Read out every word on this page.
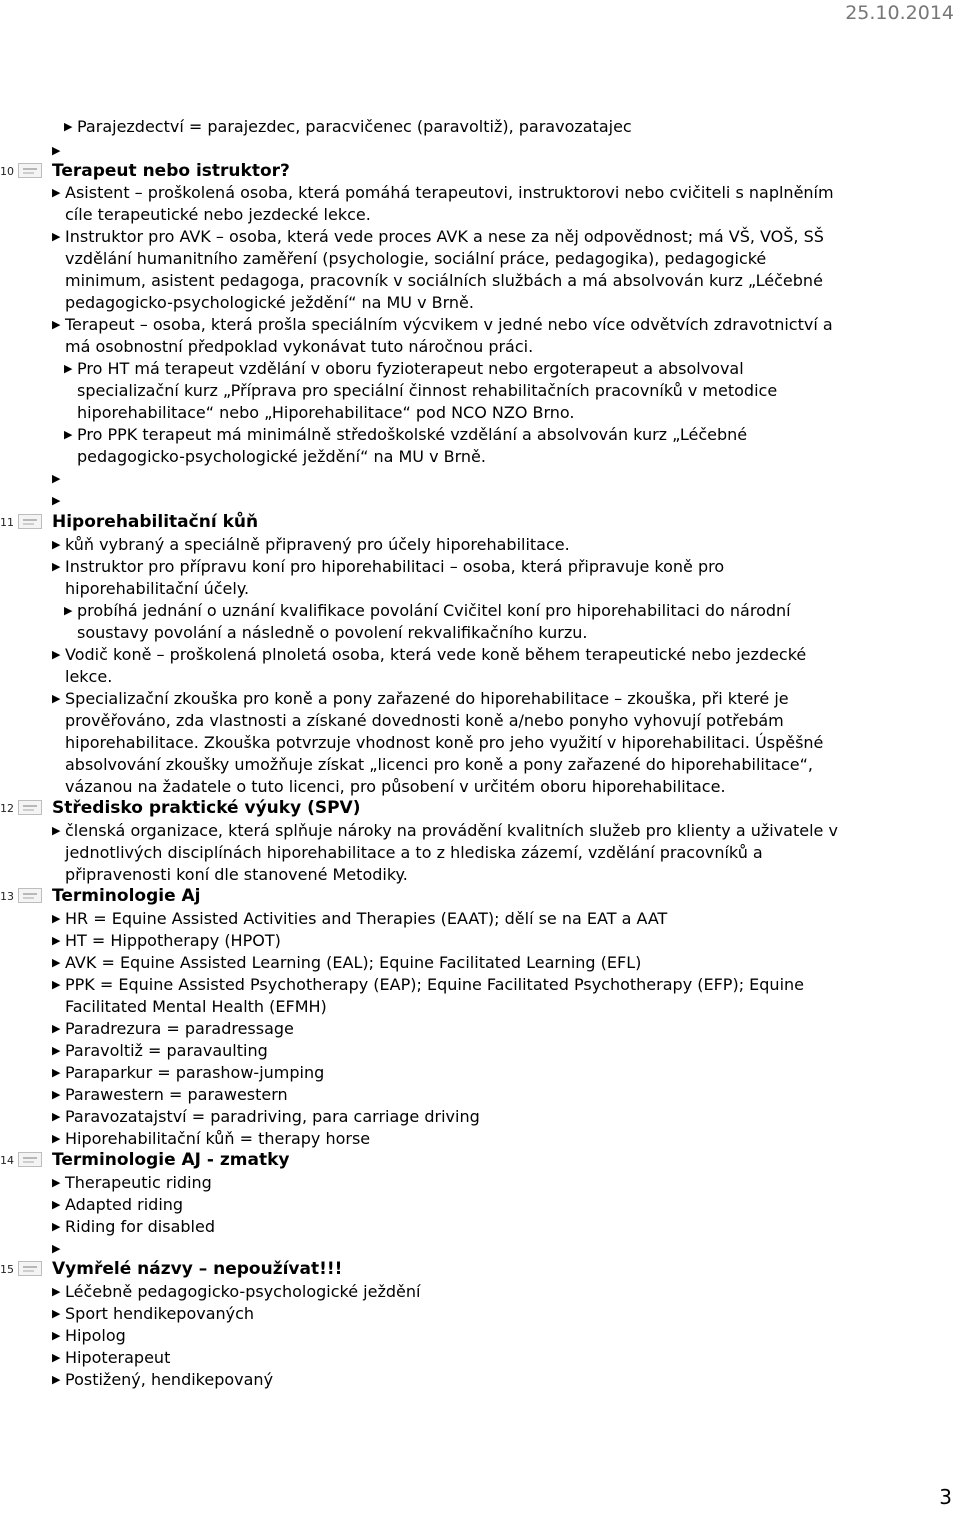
25.10.2014
▶ Parajezdectví = parajezdec, paracvičenec (paravoltiž), paravozatajec
10
▶
Terapeut nebo istruktor?
▶ Asistent – proškolená osoba, která pomáhá terapeutovi, instruktorovi nebo cvičiteli s naplněním cíle terapeutické nebo jezdecké lekce.
▶ Instruktor pro AVK – osoba, která vede proces AVK a nese za něj odpovědnost; má VŠ, VOŠ, SŠ vzdělání humanitního zaměření (psychologie, sociální práce, pedagogika), pedagogické minimum, asistent pedagoga, pracovník v sociálních službách a má absolvován kurz „Léčebné pedagogicko-psychologické ježdění“ na MU v Brně.
▶ Terapeut – osoba, která prošla speciálním výcvikem v jedné nebo více odvětvích zdravotnictví a má osobnostní předpoklad vykonávat tuto náročnou práci.
▶ Pro HT má terapeut vzdělání v oboru fyzioterapeut nebo ergoterapeut a absolvoval specializační kurz „Příprava pro speciální činnost rehabilitačních pracovníků v metodice hiporehabilitace“ nebo „Hiporehabilitace“ pod NCO NZO Brno.
▶ Pro PPK terapeut má minimálně středoškolské vzdělání a absolvován kurz „Léčebné pedagogicko-psychologické ježdění“ na MU v Brně.
▶
▶
11 Hiporehabilitační kůň
▶ kůň vybraný a speciálně připravený pro účely hiporehabilitace.
▶ Instruktor pro přípravu koní pro hiporehabilitaci – osoba, která připravuje koně pro hiporehabilitační účely.
▶ probíhá jednání o uznání kvalifikace povolání Cvičitel koní pro hiporehabilitaci do národní soustavy povolání a následně o povolení rekvalifikačního kurzu.
▶ Vodič koně – proškolená plnoletá osoba, která vede koně během terapeutické nebo jezdecké lekce.
▶ Specializační zkouška pro koně a pony zařazené do hiporehabilitace – zkouška, při které je prověřováno, zda vlastnosti a získané dovednosti koně a/nebo ponyho vyhovují potřebám hiporehabilitace. Zkouška potvrzuje vhodnost koně pro jeho využití v hiporehabilitaci. Úspěšné absolvování zkoušky umožňuje získat „licenci pro koně a pony zařazené do hiporehabilitace“, vázanou na žadatele o tuto licenci, pro působení v určitém oboru hiporehabilitace.
12 Středisko praktické výuky (SPV)
▶ členská organizace, která splňuje nároky na provádění kvalitních služeb pro klienty a uživatele v jednotlivých disciplínách hiporehabilitace a to z hlediska zázemí, vzdělání pracovníků a připravenosti koní dle stanovené Metodiky.
13 Terminologie Aj
▶ HR = Equine Assisted Activities and Therapies (EAAT); dělí se na EAT a AAT
▶ HT = Hippotherapy (HPOT)
▶ AVK = Equine Assisted Learning (EAL); Equine Facilitated Learning (EFL)
▶ PPK = Equine Assisted Psychotherapy (EAP); Equine Facilitated Psychotherapy (EFP); Equine Facilitated Mental Health (EFMH)
▶ Paradrezura = paradressage
▶ Paravoltiž = paravaulting
▶ Paraparkur = parashow-jumping
▶ Parawestern = parawestern
▶ Paravozatajství = paradriving, para carriage driving
▶ Hiporehabilitační kůň = therapy horse
14 Terminologie AJ - zmatky
▶ Therapeutic riding
▶ Adapted riding
▶ Riding for disabled
▶
15 Vymřelé názvy – nepoužívat!!!
▶ Léčebně pedagogicko-psychologické ježdění
▶ Sport hendikepovaných
▶ Hipolog
▶ Hipoterapeut
▶ Postižený, hendikepovaný
3
